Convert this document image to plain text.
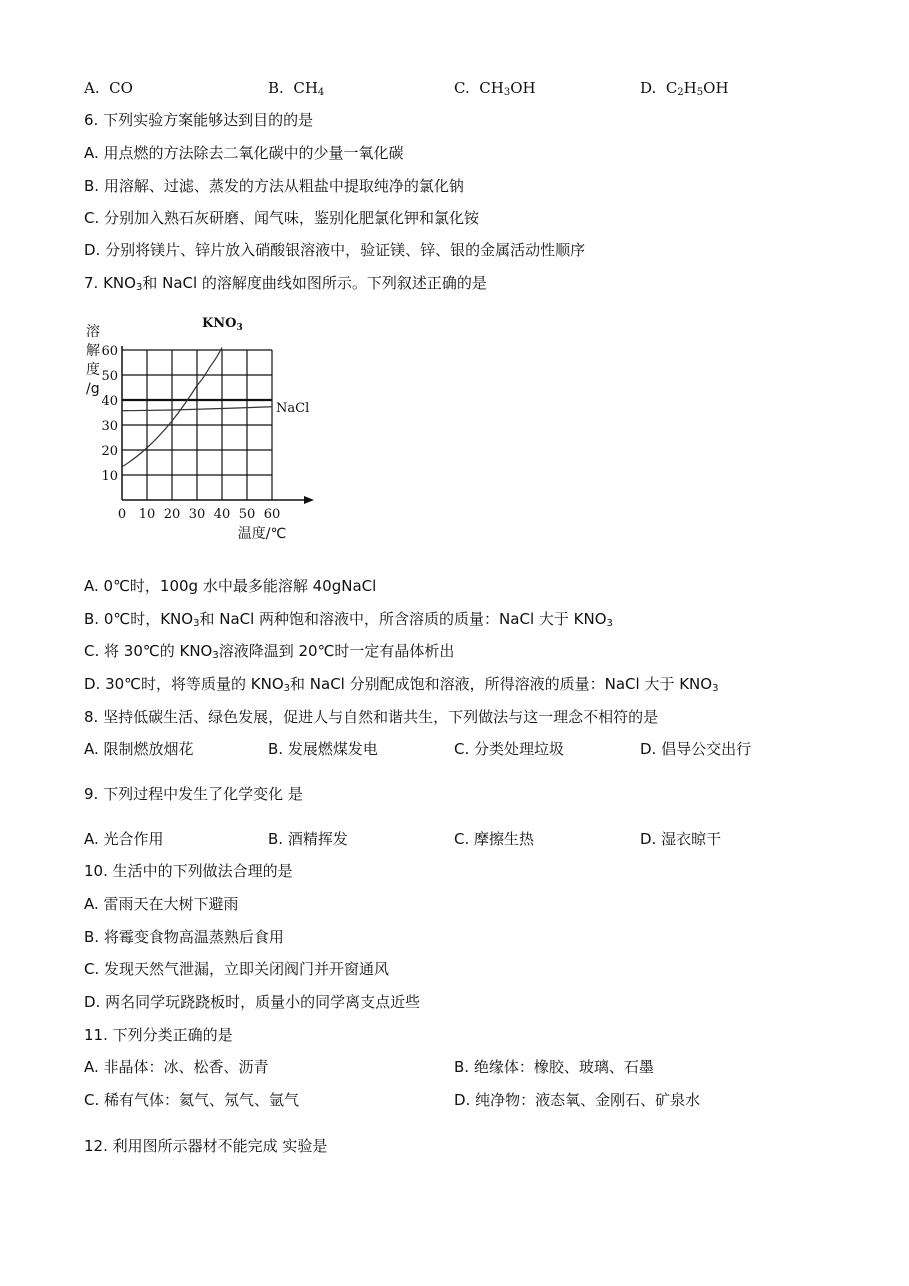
A. CO	B. $CH_4$	C. $CH_3OH$	D. $C_2H_5OH$
6. 下列实验方案能够达到目的的是
A. 用点燃的方法除去二氧化碳中的少量一氧化碳
B. 用溶解、过滤、蒸发的方法从粗盐中提取纯净的氯化钠
C. 分别加入熟石灰研磨、闻气味，鉴别化肥氯化钾和氯化铵
D. 分别将镁片、锌片放入硝酸银溶液中，验证镁、锌、银的金属活动性顺序
7. $KNO_3$和 NaCl 的溶解度曲线如图所示。下列叙述正确的是
0 10 20 30 40 50 60
10
20
30
40
50
60
溶
解
度
/g
温度/℃
$KNO_3$
NaCl
A. 0℃时，100g 水中最多能溶解 40gNaCl
B. 0℃时，$KNO_3$和 NaCl 两种饱和溶液中，所含溶质的质量：NaCl 大于 $KNO_3$
C. 将 30℃的 $KNO_3$溶液降温到 20℃时一定有晶体析出
D. 30℃时，将等质量的 $KNO_3$和 NaCl 分别配成饱和溶液，所得溶液的质量：NaCl 大于 $KNO_3$
8. 坚持低碳生活、绿色发展，促进人与自然和谐共生，下列做法与这一理念不相符的是
A. 限制燃放烟花	B. 发展燃煤发电	C. 分类处理垃圾	D. 倡导公交出行
9. 下列过程中发生了化学变化 是
A. 光合作用	B. 酒精挥发	C. 摩擦生热	D. 湿衣晾干
10. 生活中的下列做法合理的是
A. 雷雨天在大树下避雨
B. 将霉变食物高温蒸熟后食用
C. 发现天然气泄漏，立即关闭阀门并开窗通风
D. 两名同学玩跷跷板时，质量小的同学离支点近些
11. 下列分类正确的是
A. 非晶体：冰、松香、沥青	B. 绝缘体：橡胶、玻璃、石墨
C. 稀有气体：氦气、氖气、氩气	D. 纯净物：液态氧、金刚石、矿泉水
12. 利用图所示器材不能完成 实验是
